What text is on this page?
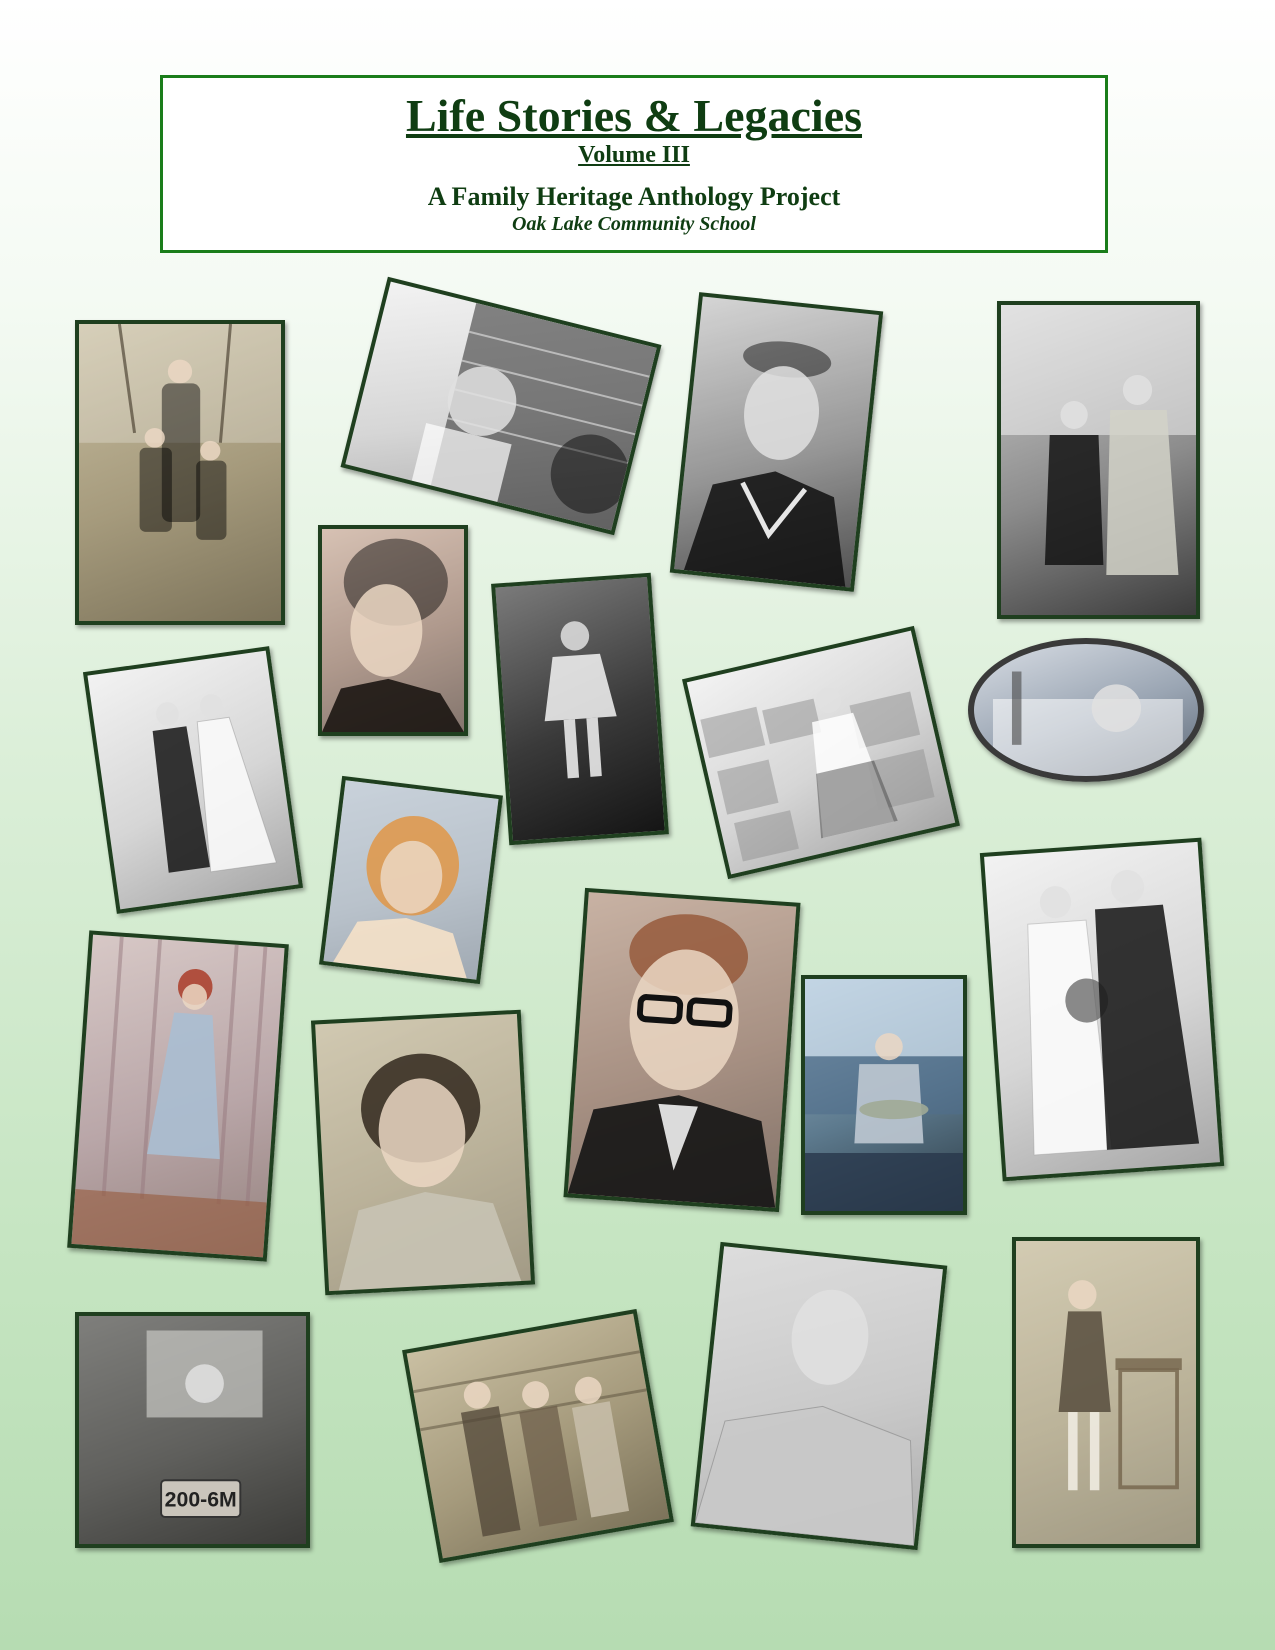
Life Stories & Legacies
Volume III
A Family Heritage Anthology Project
Oak Lake Community School
200-6M
